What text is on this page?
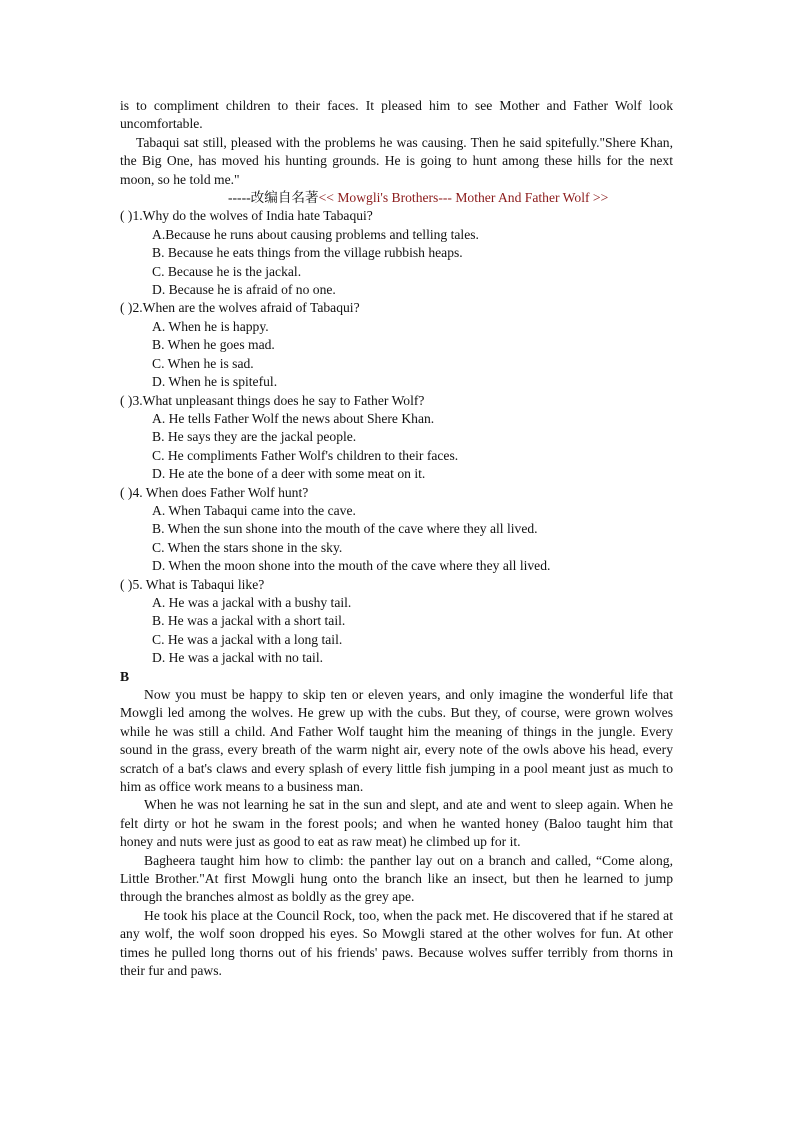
is to compliment children to their faces. It pleased him to see Mother and Father Wolf look uncomfortable.

Tabaqui sat still, pleased with the problems he was causing. Then he said spitefully."Shere Khan, the Big One, has moved his hunting grounds. He is going to hunt among these hills for the next moon, so he told me."

-----改编自名著<< Mowgli's Brothers--- Mother And Father Wolf >>

( )1.Why do the wolves of India hate Tabaqui?

A.Because he runs about causing problems and telling tales.

B. Because he eats things from the village rubbish heaps.

C. Because he is the jackal.

D. Because he is afraid of no one.

( )2.When are the wolves afraid of Tabaqui?

A. When he is happy.

B. When he goes mad.

C. When he is sad.

D. When he is spiteful.

( )3.What unpleasant things does he say to Father Wolf?

A. He tells Father Wolf the news about Shere Khan.

B. He says they are the jackal people.

C. He compliments Father Wolf's children to their faces.

D. He ate the bone of a deer with some meat on it.

( )4. When does Father Wolf hunt?

A. When Tabaqui came into the cave.

B. When the sun shone into the mouth of the cave where they all lived.

C. When the stars shone in the sky.

D. When the moon shone into the mouth of the cave where they all lived.

( )5. What is Tabaqui like?

A. He was a jackal with a bushy tail.

B. He was a jackal with a short tail.

C. He was a jackal with a long tail.

D. He was a jackal with no tail.

B

Now you must be happy to skip ten or eleven years, and only imagine the wonderful life that Mowgli led among the wolves. He grew up with the cubs. But they, of course, were grown wolves while he was still a child. And Father Wolf taught him the meaning of things in the jungle. Every sound in the grass, every breath of the warm night air, every note of the owls above his head, every scratch of a bat's claws and every splash of every little fish jumping in a pool meant just as much to him as office work means to a business man.

When he was not learning he sat in the sun and slept, and ate and went to sleep again. When he felt dirty or hot he swam in the forest pools; and when he wanted honey (Baloo taught him that honey and nuts were just as good to eat as raw meat) he climbed up for it.

Bagheera taught him how to climb: the panther lay out on a branch and called, “Come along, Little Brother."At first Mowgli hung onto the branch like an insect, but then he learned to jump through the branches almost as boldly as the grey ape.

He took his place at the Council Rock, too, when the pack met. He discovered that if he stared at any wolf, the wolf soon dropped his eyes. So Mowgli stared at the other wolves for fun. At other times he pulled long thorns out of his friends' paws. Because wolves suffer terribly from thorns in their fur and paws.
